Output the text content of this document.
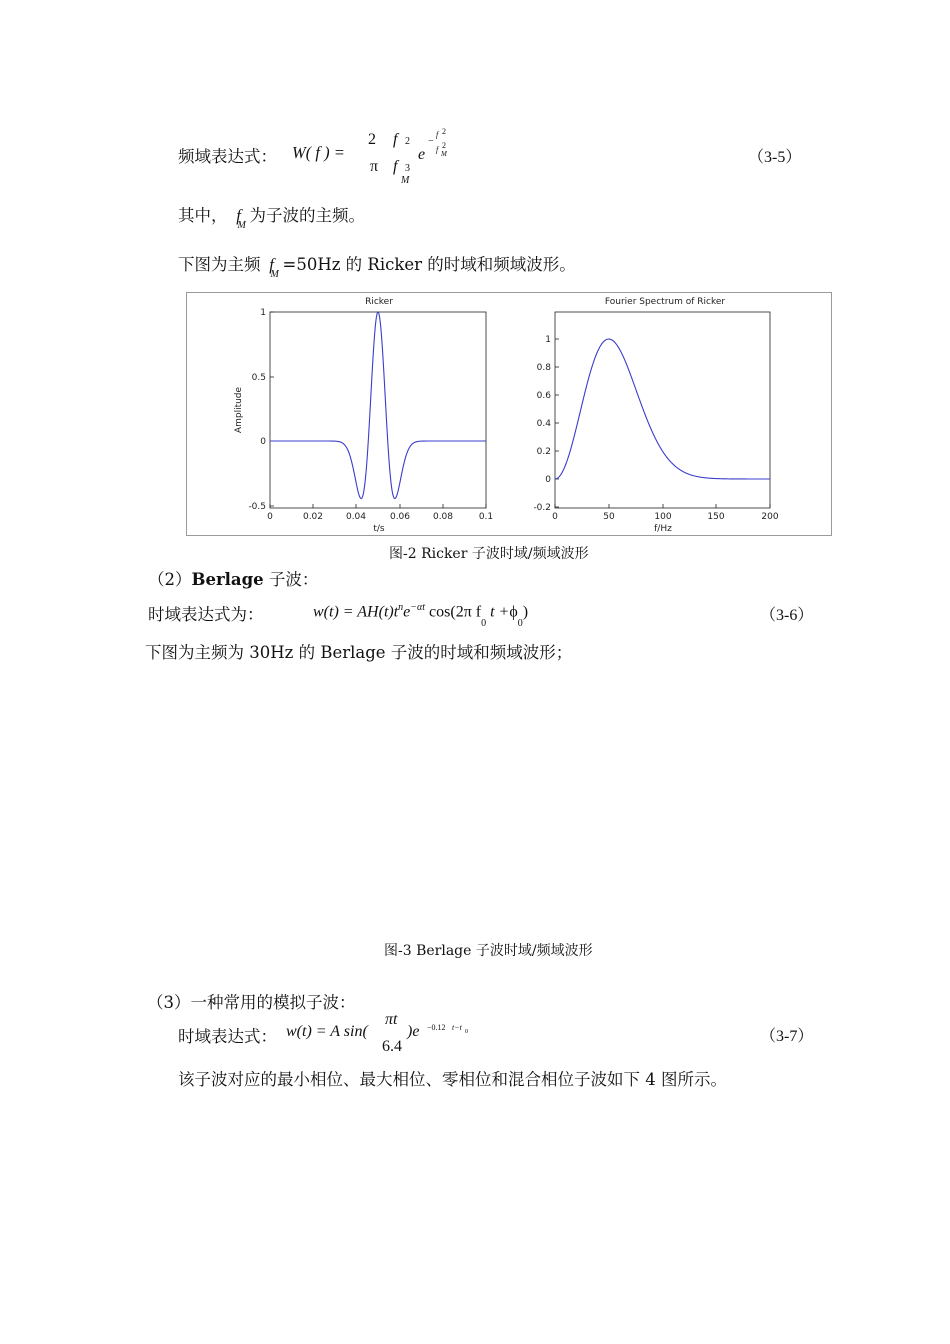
频域表达式： W( f ) =
2 f 2
e
−
f 2
f 2
M
π f 3
M
（3-5）
其中， f
M
为子波的主频。
下图为主频 f
M
=50Hz 的 Ricker 的时域和频域波形。
Ricker
1
0.5
0
-0.5
0	0.02	0.04	0.06	0.08	0.1
t/s
Amplitude
Fourier Spectrum of Ricker
1
0.8
0.6
0.4
0.2
0
-0.2
0	50	100	150	200
f/Hz
图-2 Ricker 子波时域/频域波形
（2）Berlage 子波：
时域表达式为：	$w(t) = AH(t)t^ne^{-\alpha t}$ cos(2π $f_0$ $t +\phi_0$)	（3-6）
下图为主频为 30Hz 的 Berlage 子波的时域和频域波形；
图-3 Berlage 子波时域/频域波形
（3）一种常用的模拟子波：
时域表达式： w(t) = A sin(
πt
6.4
)e −0.12 t−t 0	（3-7）
该子波对应的最小相位、最大相位、零相位和混合相位子波如下 4 图所示。
